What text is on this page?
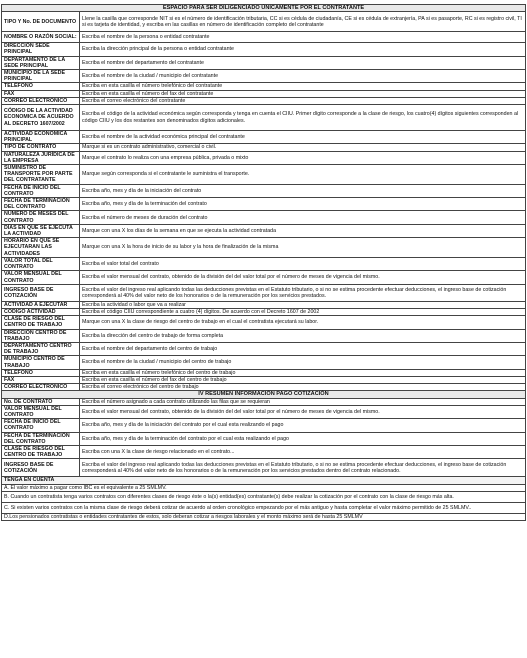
ESPACIO PARA SER DILIGENCIADO ÚNICAMENTE POR EL CONTRATANTE	
TIPO Y No. DE DOCUMENTO	Llene la casilla que corresponde NIT si es el número de identificación tributaria, CC si es cédula de ciudadanía, CE si es cédula de extranjería, PA si es pasaporte, RC si es registro civil, TI si es tarjeta de identidad, y escriba en las casillas en número de identificación completo del contratante
NOMBRE O RAZÓN SOCIAL:	Escriba el nombre de la persona o entidad contratante
DIRECCIÓN SEDE PRINCIPAL	Escriba la dirección principal de la persona o entidad contratante
DEPARTAMENTO DE LA SEDE PRINCIPAL	Escriba el nombre del departamento del contratante
MUNICIPIO DE LA SEDE PRINCIPAL	Escriba el nombre de la ciudad / municipio del contratante
TELÉFONO	Escriba en esta casilla el número trelefónico del contratante
FAX	Escriba en esta casilla el número del fax del contratante
CORREO ELECTRONICO	Escriba el correo electrónico del contratante
CÓDIGO DE LA ACTIVIDAD ECONOMICA DE ACUERDO AL DECRETO 1607/2002	Escriba el código de la actividad económica según corresponda y tenga en cuenta el CIIU. Primer dígito corresponde a la clase de riesgo, los cuatro(4) dígitos siguientes corresponden al código CIIU y los dos restantes son denominados dígitos adicionales.
ACTIVIDAD ECONOMICA PRINCIPAL	Escriba el nombre de la actividad económica principal del contratante
TIPO DE CONTRATO	Marque si es un contrato administrativo, comercial o civil.
NATURALEZA JURÍDICA DE LA EMPRESA	Marque el contrato lo realiza con una empresa pública, privada o mixto
SUMINISTRO DE TRANSPORTE POR PARTE DEL CONTRATANTE	Marque según corresponda si el contratante le suministra el transporte.
FECHA DE INICIO DEL CONTRATO	Escriba año, mes y día de la iniciación del contrato
FECHA DE TERMINACIÓN DEL CONTRATO	Escriba año, mes y día de la terminación del contrato
NÚMERO DE MESES DEL CONTRATO	Escriba el número de meses de duración del contrato
DÍAS EN QUE SE EJECUTA LA ACTIVIDAD	Marque con una X los días de la semana en que se ejecuta la actividad contratada
HORARIO EN QUE SE EJECUTARAN LAS ACTIVIDADES	Marque con una X la hora de inicio de su labor y la hora de finalización de la misma
VALOR TOTAL DEL CONTRATO	Escriba el valor total del contrato
VALOR MENSUAL DEL CONTRATO	Escriba el valor mensual del contrato, obtenido de la división del del valor total por el número de meses de vigencia del mismo.
INGRESO BASE DE COTIZACIÓN	Escriba el valor del ingreso real aplicando todas las deducciones previstas en el Estatuto tributario, o si no se estima procedente efectuar deducciones, el ingreso base de cotización corresponderá al 40% del valor neto de los honorarios o de la remuneración por los servicios prestados.
ACTIVIDAD A EJECUTAR	Escriba la actividad o labor que va a realizar
CODIGO ACTIVIDAD	Escriba el código CIIU correspondiente a cuatro (4) dígitos. De acuerdo con el Decreto 1607 de 2002
CLASE DE RIESGO DEL CENTRO DE TRABAJO	Marque con una X la clase de riesgo del centro de trabajo en el cual el contratista ejecutará su labor.
DIRECCIÓN CENTRO DE TRABAJO	Escriba la dirección del centro de trabajo de forma completa
DEPARTAMENTO CENTRO DE TRABAJO	Escriba el nombre del departamento del centro de trabajo
MUNICIPIO CENTRO DE TRABAJO	Escriba el nombre de la ciudad / municipio del centro de trabajo
TELÉFONO	Escriba en esta casilla el número trelefónico del centro de trabajo
FAX	Escriba en esta casilla el número del fax del centro de trabajo
CORREO ELECTRONICO	Escriba el correo electrónico del centro de trabajo
IV RESUMEN INFORMACIÓN PAGO COTIZACIÓN	
No. DE CONTRATO	Escriba el número asignado a cada contrato utilizando las filas que se requieran
VALOR MENSUAL DEL CONTRATO	Escriba el valor mensual del contrato, obtenido de la división del del valor total por el número de meses de vigencia del mismo.
FECHA DE INICIO DEL CONTRATO	Escriba año, mes y día de la iniciación del contrato por el cual esta realizando el pago
FECHA DE TERMINACIÓN DEL CONTRATO	Escriba año, mes y día de la terminación del contrato por el cual esta realizando el pago
CLASE DE RIESGO DEL CENTRO DE TRABAJO	Escriba con una X la clase de riesgo relacionado en el contrato...
INGRESO BASE DE COTIZACIÓN	Escriba el valor del ingreso real aplicando todas las deducciones previstas en el Estatuto tributario, o si no se estima procedente efectuar deducciones, el ingreso base de cotización corresponderá al 40% del valor neto de los honorarios o de la remuneración por los servicios prestados dentro del contrato relacionado.
TENGA EN CUENTA	
A. El valor máximo a pagar como IBC es el equivalente a 25 SMLMV.	
B. Cuando un contratista tenga varios contratos con diferentes clases de riesgo éste o la(s) entidad(es) contratante(s) debe realizar la cotización por el contrato con la clase de riesgo más alta.	
C. Si existen varios contratos con la misma clase de riesgo deberá cotizar de acuerdo al orden cronológico empezando por el más antiguo y hasta completar el valor máximo permitido de 25 SMLMV..	
D.Los pensionados contratistas o entidades contratantes de estos, solo deberan cotizar a riesgos laborales y el monto máximo será de hasta 25 SMLMV	
